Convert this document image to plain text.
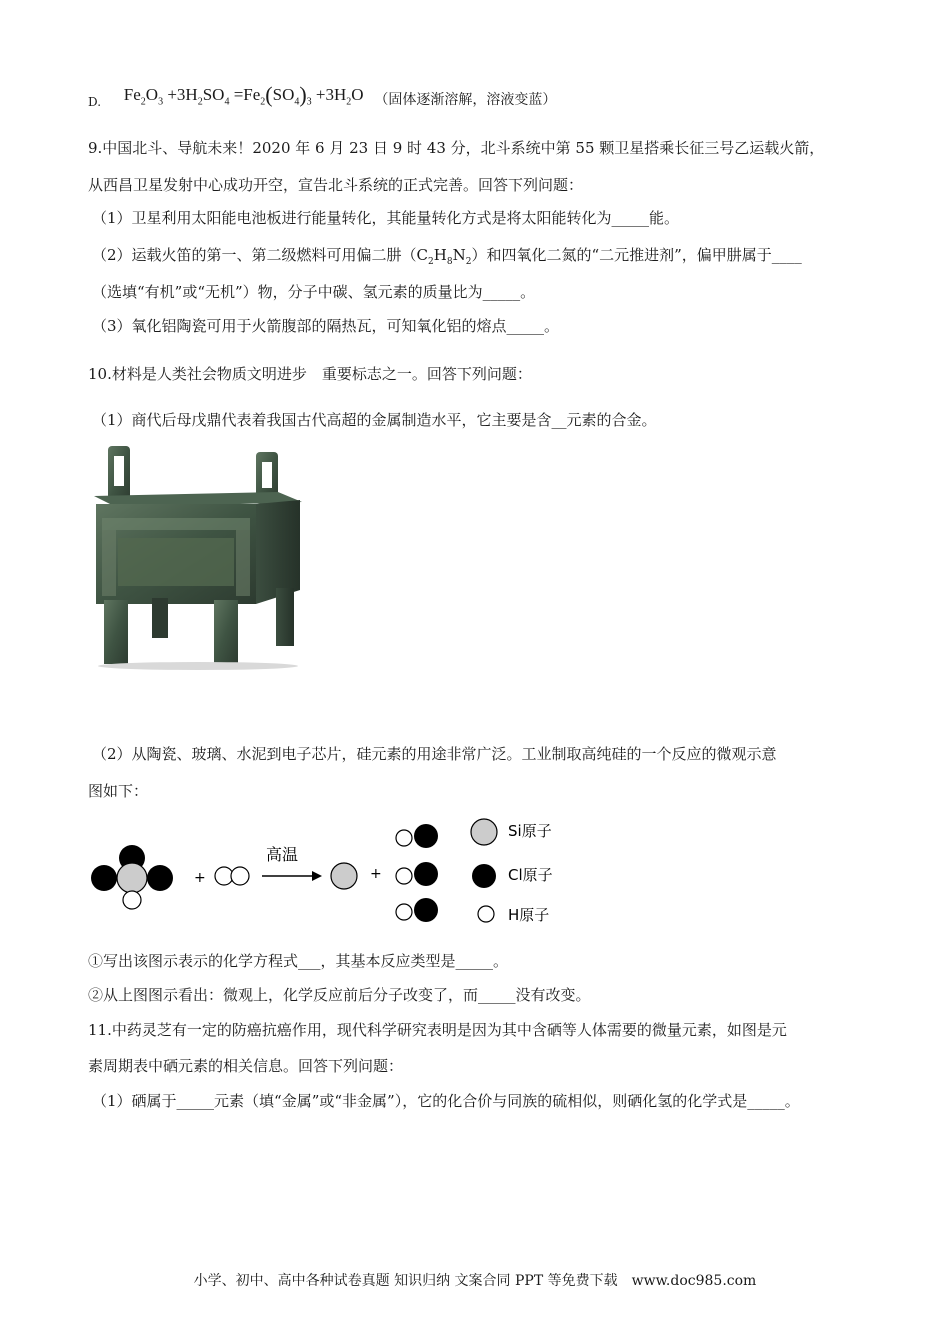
$_{D.}$ $Fe_2O_3 +3H_2SO_4 =Fe_2(SO_4)_3 +3H_2O$ （固体逐渐溶解，溶液变蓝）
9.中国北斗、导航未来！2020 年 6 月 23 日 9 时 43 分，北斗系统中第 55 颗卫星搭乘长征三号乙运载火箭，
从西昌卫星发射中心成功开空，宣告北斗系统的正式完善。回答下列问题：
（1）卫星利用太阳能电池板进行能量转化，其能量转化方式是将太阳能转化为_____能。
（2）运载火笛的第一、第二级燃料可用偏二肼$(C_2H_8N_2)$和四氧化二氮的“二元推进剂”，偏甲肼属于____
（选填“有机”或“无机”）物，分子中碳、氢元素的质量比为_____。
（3）氧化铝陶瓷可用于火箭腹部的隔热瓦，可知氧化铝的熔点_____。
10.材料是人类社会物质文明进步　重要标志之一。回答下列问题：
（1）商代后母戊鼎代表着我国古代高超的金属制造水平，它主要是含__元素的合金。
（2）从陶瓷、玻璃、水泥到电子芯片，硅元素的用途非常广泛。工业制取高纯硅的一个反应的微观示意
图如下：
+
高温
+
Si原子
Cl原子
H原子
①写出该图示表示的化学方程式___，其基本反应类型是_____。
②从上图图示看出：微观上，化学反应前后分子改变了，而_____没有改变。
11.中药灵芝有一定的防癌抗癌作用，现代科学研究表明是因为其中含硒等人体需要的微量元素，如图是元
素周期表中硒元素的相关信息。回答下列问题：
（1）硒属于_____元素（填“金属”或“非金属”），它的化合价与同族的硫相似，则硒化氢的化学式是_____。
小学、初中、高中各种试卷真题 知识归纳 文案合同 PPT 等免费下载　www.doc985.com
